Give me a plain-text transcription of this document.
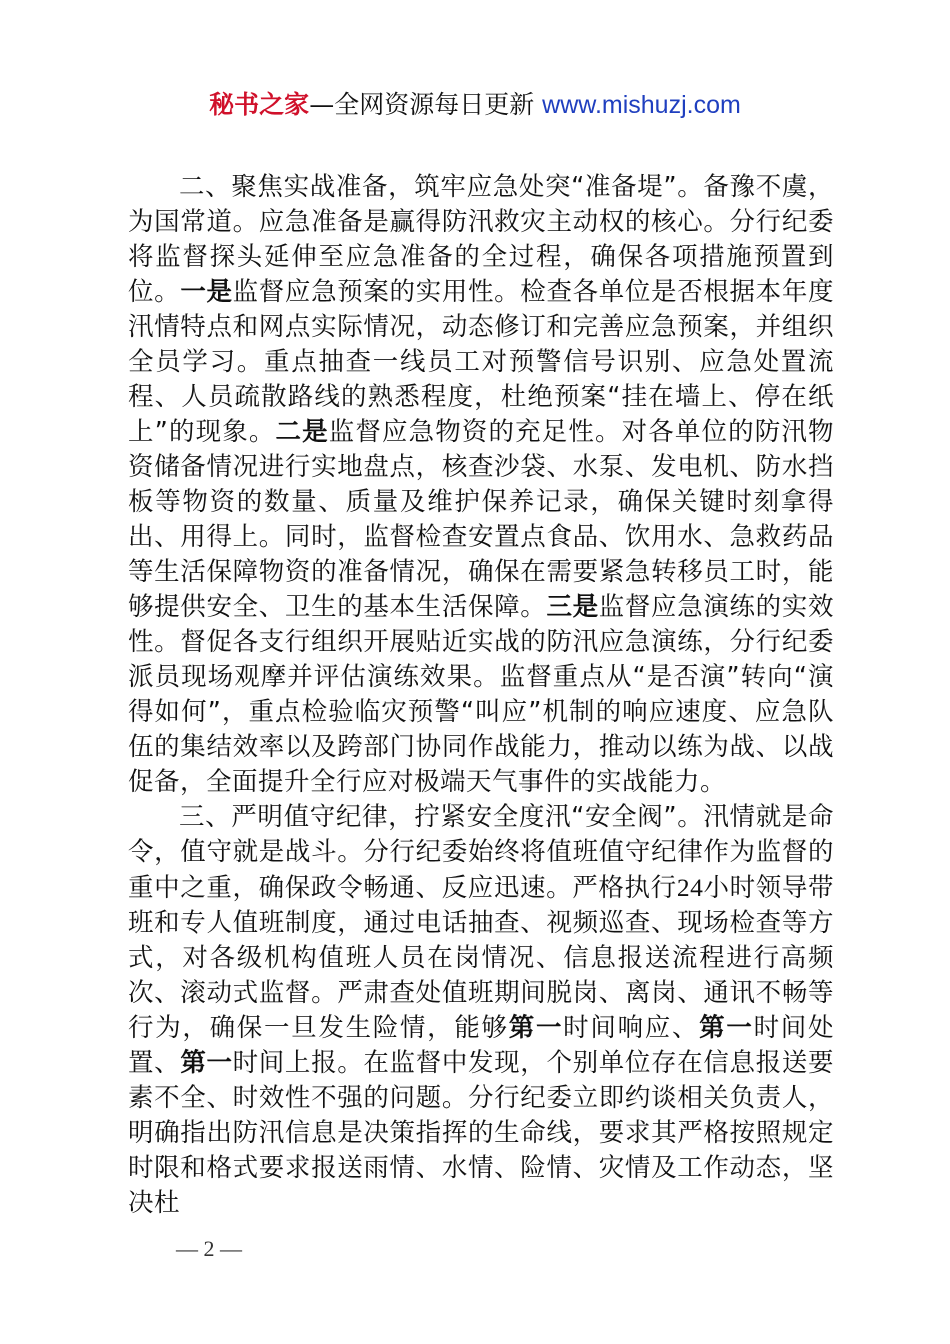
秘书之家—全网资源每日更新 www.mishuzj.com

二、聚焦实战准备，筑牢应急处突“准备堤”。备豫不虞，为国常道。应急准备是赢得防汛救灾主动权的核心。分行纪委将监督探头延伸至应急准备的全过程，确保各项措施预置到位。一是监督应急预案的实用性。检查各单位是否根据本年度汛情特点和网点实际情况，动态修订和完善应急预案，并组织全员学习。重点抽查一线员工对预警信号识别、应急处置流程、人员疏散路线的熟悉程度，杜绝预案“挂在墙上、停在纸上”的现象。二是监督应急物资的充足性。对各单位的防汛物资储备情况进行实地盘点，核查沙袋、水泵、发电机、防水挡板等物资的数量、质量及维护保养记录，确保关键时刻拿得出、用得上。同时，监督检查安置点食品、饮用水、急救药品等生活保障物资的准备情况，确保在需要紧急转移员工时，能够提供安全、卫生的基本生活保障。三是监督应急演练的实效性。督促各支行组织开展贴近实战的防汛应急演练，分行纪委派员现场观摩并评估演练效果。监督重点从“是否演”转向“演得如何”，重点检验临灾预警“叫应”机制的响应速度、应急队伍的集结效率以及跨部门协同作战能力，推动以练为战、以战促备，全面提升全行应对极端天气事件的实战能力。

三、严明值守纪律，拧紧安全度汛“安全阀”。汛情就是命令，值守就是战斗。分行纪委始终将值班值守纪律作为监督的重中之重，确保政令畅通、反应迅速。严格执行24小时领导带班和专人值班制度，通过电话抽查、视频巡查、现场检查等方式，对各级机构值班人员在岗情况、信息报送流程进行高频次、滚动式监督。严肃查处值班期间脱岗、离岗、通讯不畅等行为，确保一旦发生险情，能够第一时间响应、第一时间处置、第一时间上报。在监督中发现，个别单位存在信息报送要素不全、时效性不强的问题。分行纪委立即约谈相关负责人，明确指出防汛信息是决策指挥的生命线，要求其严格按照规定时限和格式要求报送雨情、水情、险情、灾情及工作动态，坚决杜

— 2 —
